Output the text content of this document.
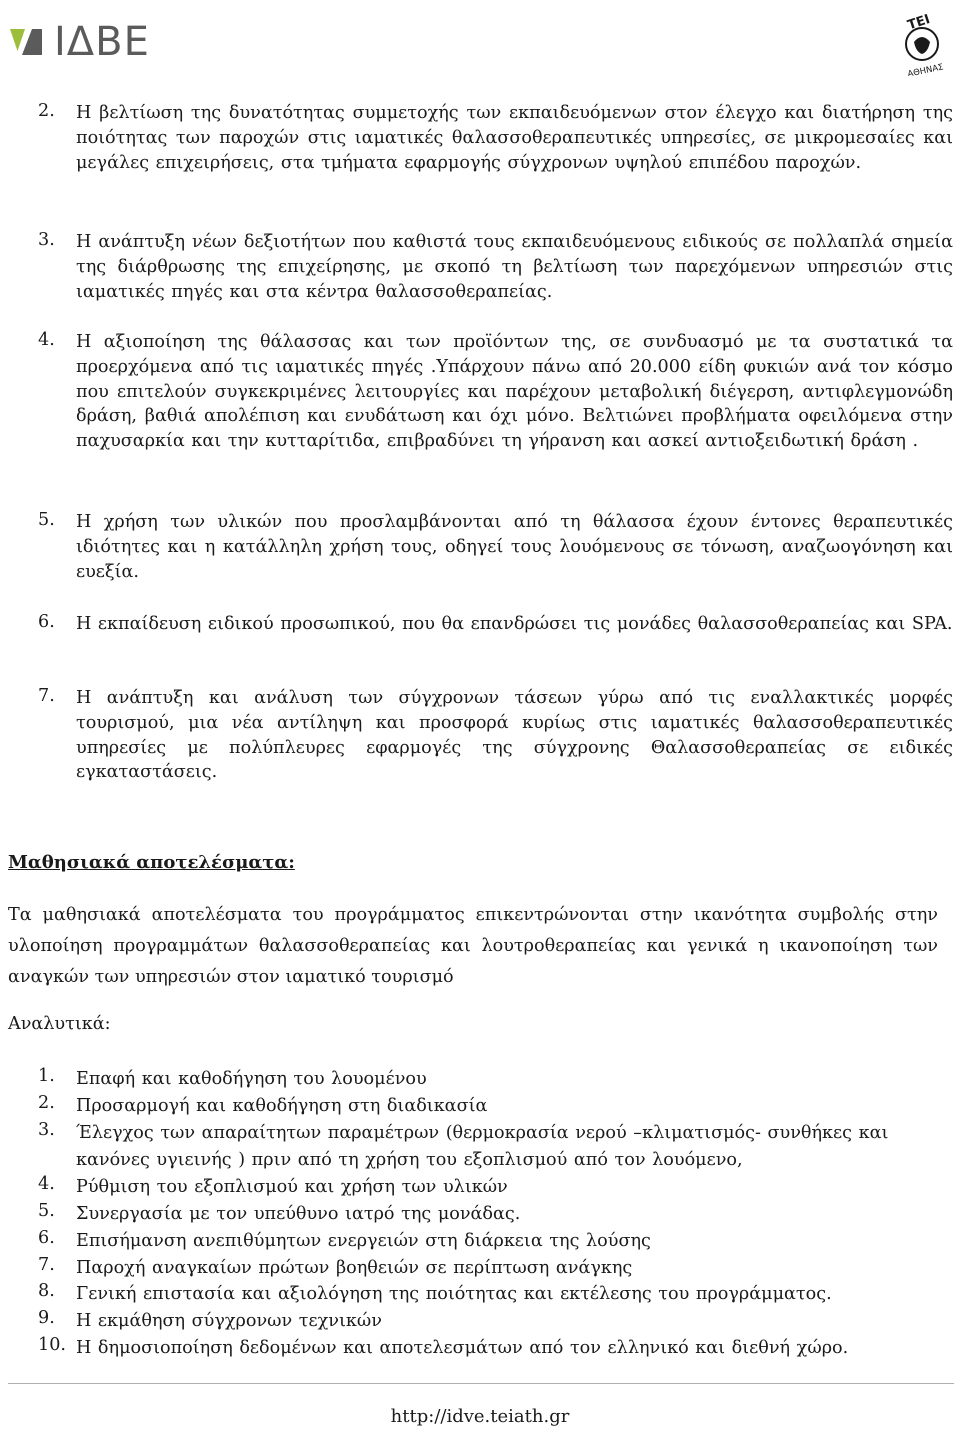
ΙΔΒΕ	ΤΕΙ
ΑΘΗΝΑΣ
2. Η βελτίωση της δυνατότητας συμμετοχής των εκπαιδευόμενων στον έλεγχο και διατήρηση της ποιότητας των παροχών στις ιαματικές θαλασσοθεραπευτικές υπηρεσίες, σε μικρομεσαίες και μεγάλες επιχειρήσεις, στα τμήματα εφαρμογής σύγχρονων υψηλού επιπέδου παροχών.
3. Η ανάπτυξη νέων δεξιοτήτων που καθιστά τους εκπαιδευόμενους ειδικούς σε πολλαπλά σημεία της διάρθρωσης της επιχείρησης, με σκοπό τη βελτίωση των παρεχόμενων υπηρεσιών στις ιαματικές πηγές και στα κέντρα θαλασσοθεραπείας.
4. Η αξιοποίηση της θάλασσας και των προϊόντων της, σε συνδυασμό με τα συστατικά τα προερχόμενα από τις ιαματικές πηγές .Υπάρχουν πάνω από 20.000 είδη φυκιών ανά τον κόσμο που επιτελούν συγκεκριμένες λειτουργίες και παρέχουν μεταβολική διέγερση, αντιφλεγμονώδη δράση, βαθιά απολέπιση και ενυδάτωση και όχι μόνο. Βελτιώνει προβλήματα οφειλόμενα στην παχυσαρκία και την κυτταρίτιδα, επιβραδύνει τη γήρανση και ασκεί αντιοξειδωτική δράση .
5. Η χρήση των υλικών που προσλαμβάνονται από τη θάλασσα έχουν έντονες θεραπευτικές ιδιότητες και η κατάλληλη χρήση τους, οδηγεί τους λουόμενους σε τόνωση, αναζωογόνηση και ευεξία.
6. Η εκπαίδευση ειδικού προσωπικού, που θα επανδρώσει τις μονάδες θαλασσοθεραπείας και SPA.
7. Η ανάπτυξη και ανάλυση των σύγχρονων τάσεων γύρω από τις εναλλακτικές μορφές τουρισμού, μια νέα αντίληψη και προσφορά κυρίως στις ιαματικές θαλασσοθεραπευτικές υπηρεσίες με πολύπλευρες εφαρμογές της σύγχρονης Θαλασσοθεραπείας σε ειδικές εγκαταστάσεις.
Μαθησιακά αποτελέσματα:

Τα μαθησιακά αποτελέσματα του προγράμματος επικεντρώνονται στην ικανότητα συμβολής στην υλοποίηση προγραμμάτων θαλασσοθεραπείας και λουτροθεραπείας και γενικά η ικανοποίηση των αναγκών των υπηρεσιών στον ιαματικό τουρισμό

Αναλυτικά:

1. Επαφή και καθοδήγηση του λουομένου
2. Προσαρμογή και καθοδήγηση στη διαδικασία
3. Έλεγχος των απαραίτητων παραμέτρων (θερμοκρασία νερού –κλιματισμός- συνθήκες και κανόνες υγιεινής ) πριν από τη χρήση του εξοπλισμού από τον λουόμενο,
4. Ρύθμιση του εξοπλισμού και χρήση των υλικών
5. Συνεργασία με τον υπεύθυνο ιατρό της μονάδας.
6. Επισήμανση ανεπιθύμητων ενεργειών στη διάρκεια της λούσης
7. Παροχή αναγκαίων πρώτων βοηθειών σε περίπτωση ανάγκης
8. Γενική επιστασία και αξιολόγηση της ποιότητας και εκτέλεσης του προγράμματος.
9. Η εκμάθηση σύγχρονων τεχνικών
10. Η δημοσιοποίηση δεδομένων και αποτελεσμάτων από τον ελληνικό και διεθνή χώρο.
http://idve.teiath.gr
